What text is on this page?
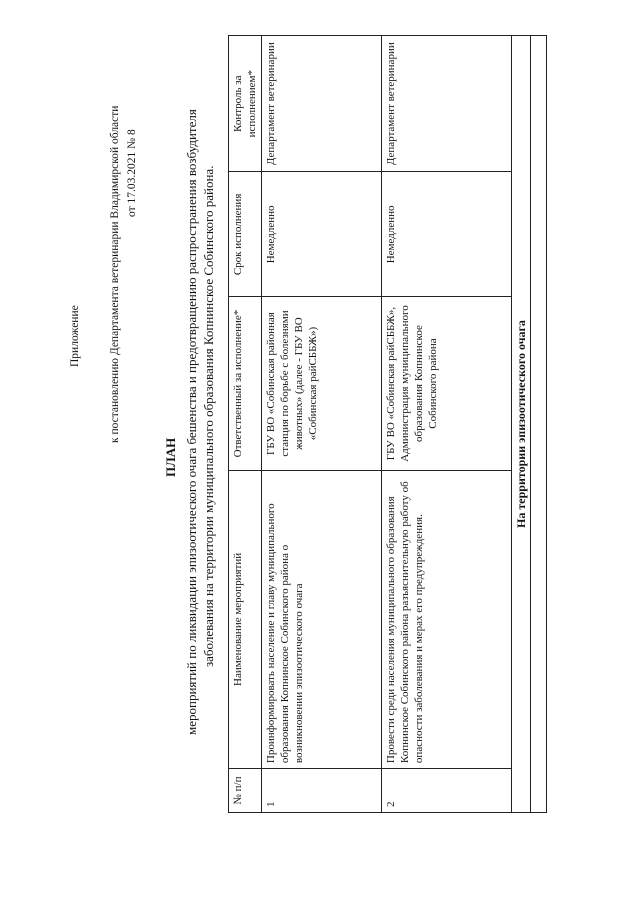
Приложение к постановлению Департамента ветеринарии Владимирской области от 17.03.2021 № 8
ПЛАН мероприятий по ликвидации эпизоотического очага бешенства и предотвращению распространения возбудителя заболевания на территории муниципального образования Копнинское Собинского района.
№ п/п	Наименование мероприятий	Ответственный за исполнение*	Срок исполнения	Контроль за исполнением*
1	Проинформировать население и главу муниципального образования Копнинское Собинского района о возникновении эпизоотического очага	ГБУ ВО «Собинская районная станция по борьбе с болезнями животных» (далее - ГБУ ВО «Собинская райСББЖ»)	Немедленно	Департамент ветеринарии
2	Провести среди населения муниципального образования Копнинское Собинского района разъяснительную работу об опасности заболевания и мерах его предупреждения.	ГБУ ВО «Собинская райСББЖ», Администрация муниципального образования Копнинское Собинского района	Немедленно	Департамент ветеринарии
На территории эпизоотического очага				
